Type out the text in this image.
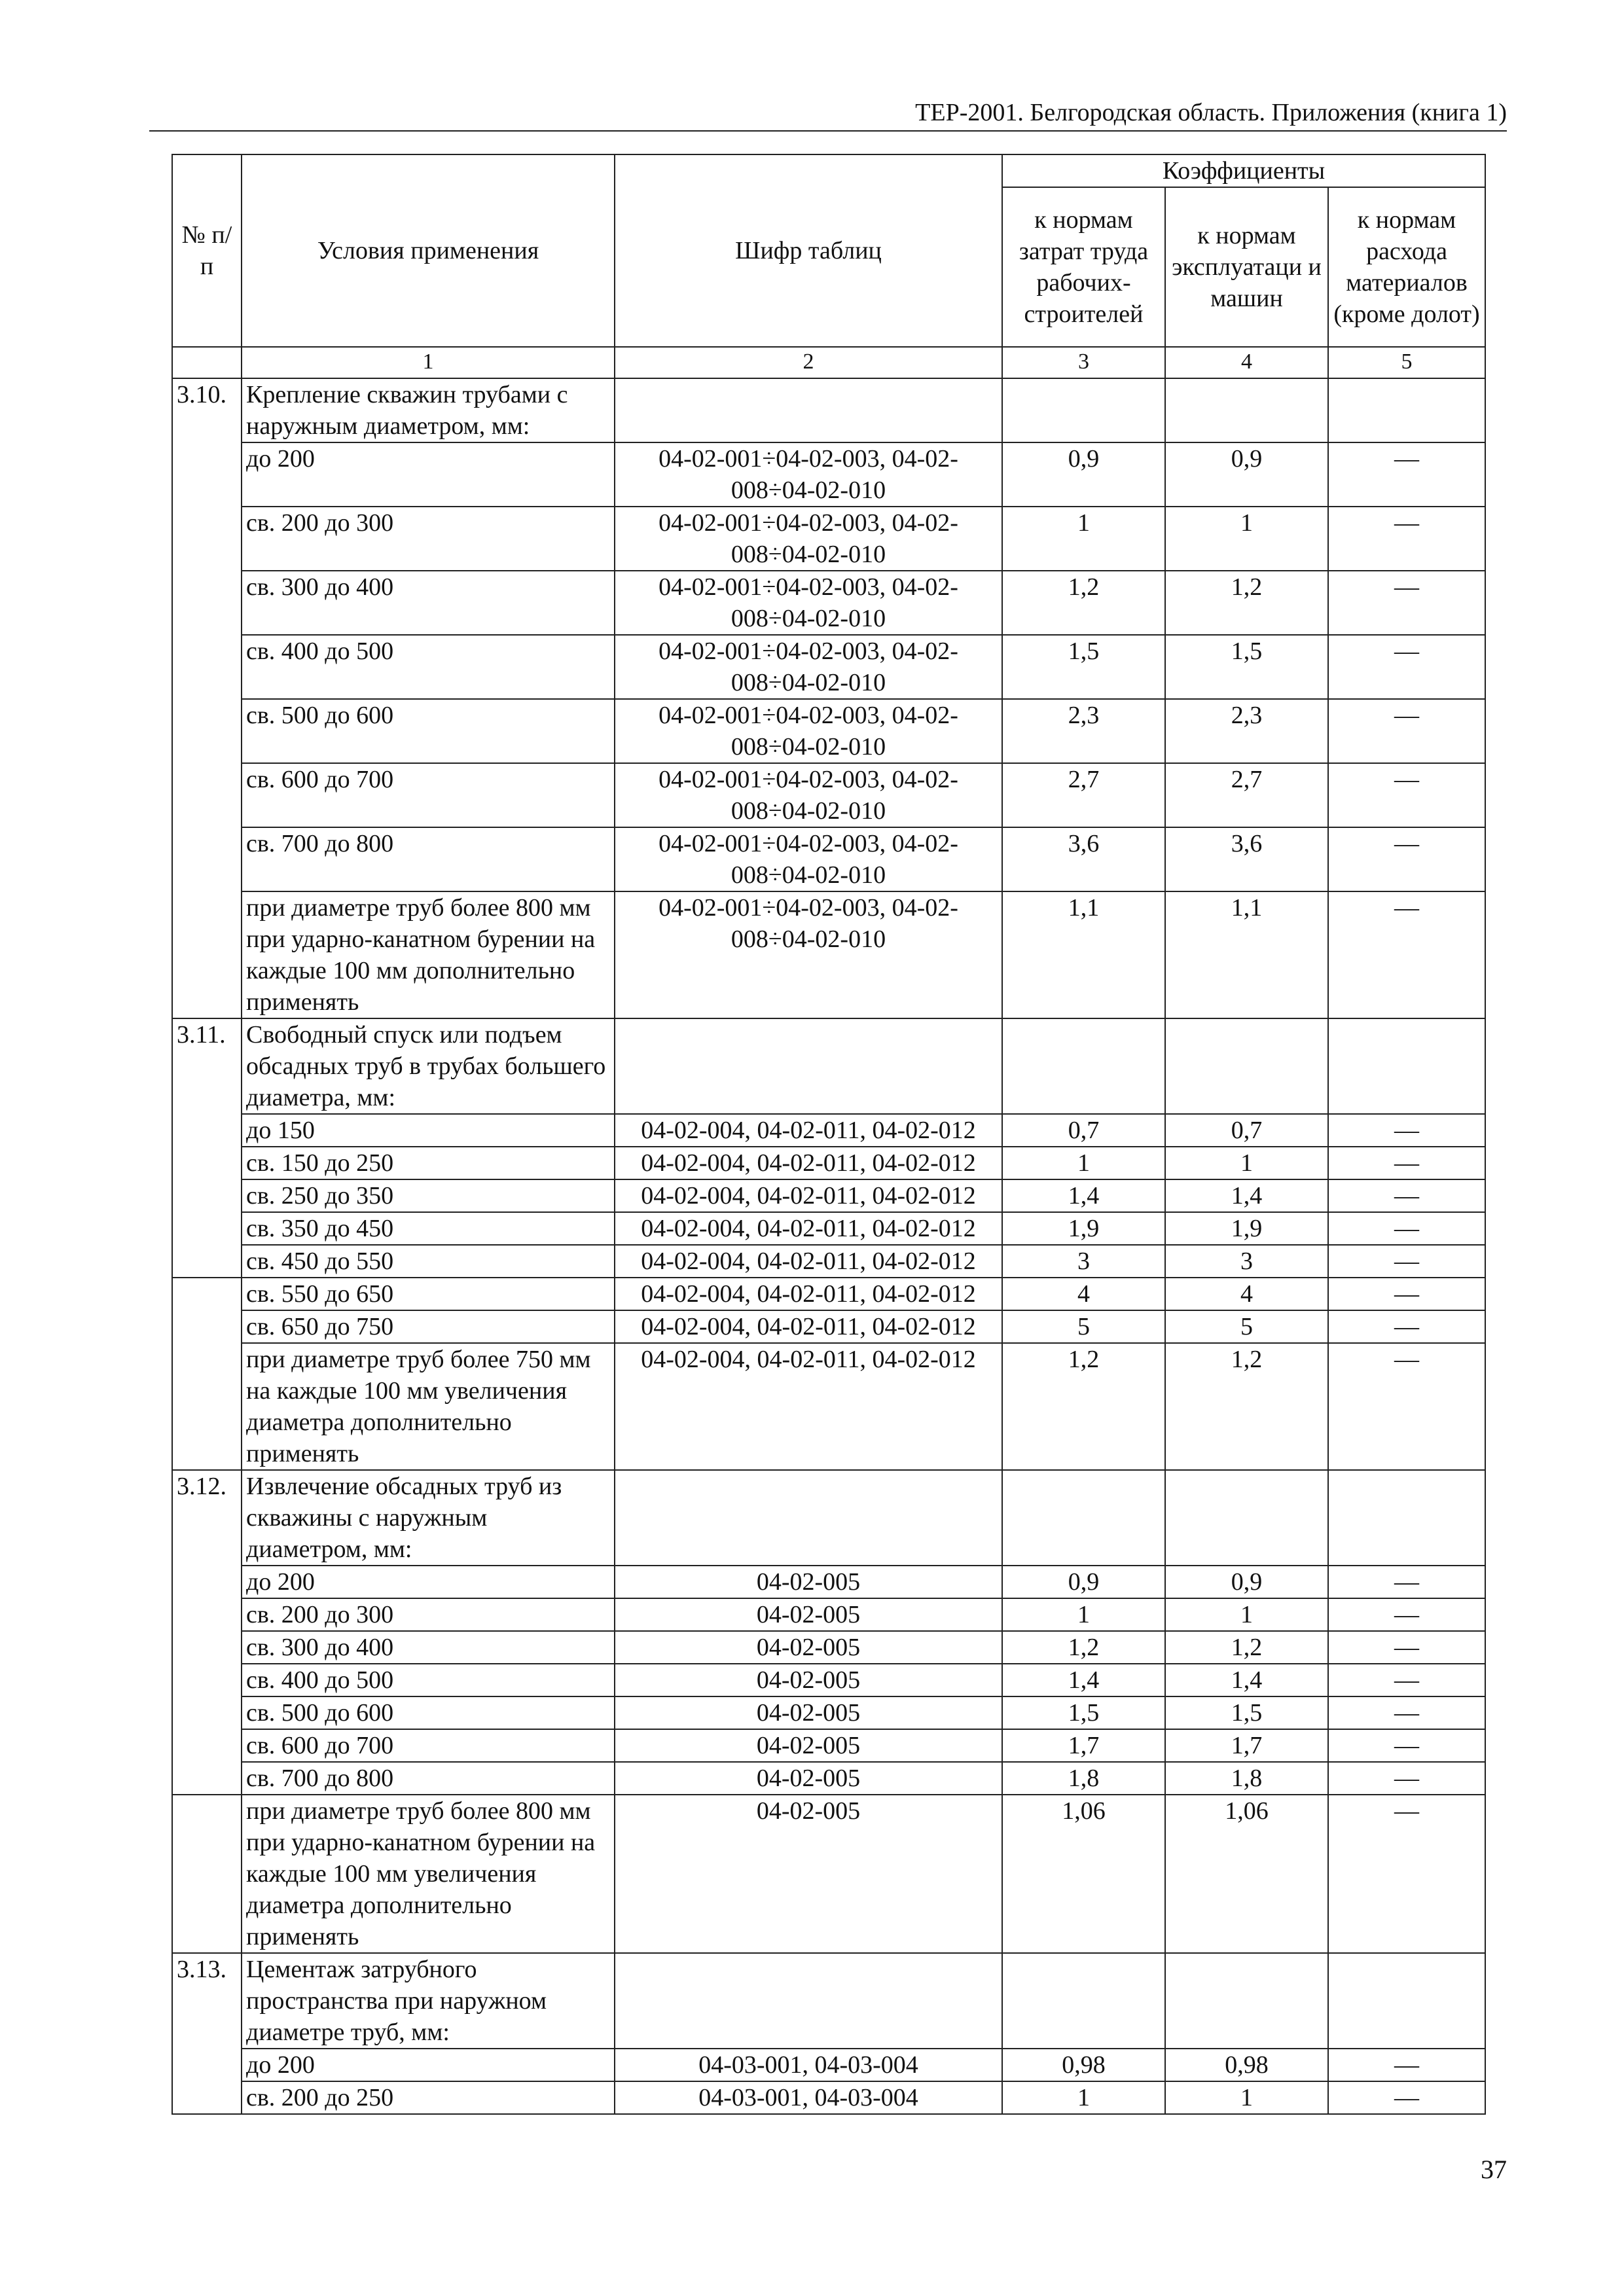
ТЕР-2001. Белгородская область. Приложения (книга 1)
№ п/п	Условия применения	Шифр таблиц	Коэффициенты		
			к нормам затрат труда рабочих-строителей	к нормам эксплуатаци и машин	к нормам расхода материалов (кроме долот)
	1	2	3	4	5
3.10.	Крепление скважин трубами с наружным диаметром, мм:				
	до 200	04-02-001÷04-02-003, 04-02-008÷04-02-010	0,9	0,9	—
	св. 200 до 300	04-02-001÷04-02-003, 04-02-008÷04-02-010	1	1	—
	св. 300 до 400	04-02-001÷04-02-003, 04-02-008÷04-02-010	1,2	1,2	—
	св. 400 до 500	04-02-001÷04-02-003, 04-02-008÷04-02-010	1,5	1,5	—
	св. 500 до 600	04-02-001÷04-02-003, 04-02-008÷04-02-010	2,3	2,3	—
	св. 600 до 700	04-02-001÷04-02-003, 04-02-008÷04-02-010	2,7	2,7	—
	св. 700 до 800	04-02-001÷04-02-003, 04-02-008÷04-02-010	3,6	3,6	—
	при диаметре труб более 800 мм при ударно-канатном бурении на каждые 100 мм дополнительно применять	04-02-001÷04-02-003, 04-02-008÷04-02-010	1,1	1,1	—
3.11.	Свободный спуск или подъем обсадных труб в трубах большего диаметра, мм:				
	до 150	04-02-004, 04-02-011, 04-02-012	0,7	0,7	—
	св. 150 до 250	04-02-004, 04-02-011, 04-02-012	1	1	—
	св. 250 до 350	04-02-004, 04-02-011, 04-02-012	1,4	1,4	—
	св. 350 до 450	04-02-004, 04-02-011, 04-02-012	1,9	1,9	—
	св. 450 до 550	04-02-004, 04-02-011, 04-02-012	3	3	—
	св. 550 до 650	04-02-004, 04-02-011, 04-02-012	4	4	—
	св. 650 до 750	04-02-004, 04-02-011, 04-02-012	5	5	—
	при диаметре труб более 750 мм на каждые 100 мм увеличения диаметра дополнительно применять	04-02-004, 04-02-011, 04-02-012	1,2	1,2	—
3.12.	Извлечение обсадных труб из скважины с наружным диаметром, мм:				
	до 200	04-02-005	0,9	0,9	—
	св. 200 до 300	04-02-005	1	1	—
	св. 300 до 400	04-02-005	1,2	1,2	—
	св. 400 до 500	04-02-005	1,4	1,4	—
	св. 500 до 600	04-02-005	1,5	1,5	—
	св. 600 до 700	04-02-005	1,7	1,7	—
	св. 700 до 800	04-02-005	1,8	1,8	—
	при диаметре труб более 800 мм при ударно-канатном бурении на каждые 100 мм увеличения диаметра дополнительно применять	04-02-005	1,06	1,06	—
3.13.	Цементаж затрубного пространства при наружном диаметре труб, мм:				
	до 200	04-03-001, 04-03-004	0,98	0,98	—
	св. 200 до 250	04-03-001, 04-03-004	1	1	—
37
